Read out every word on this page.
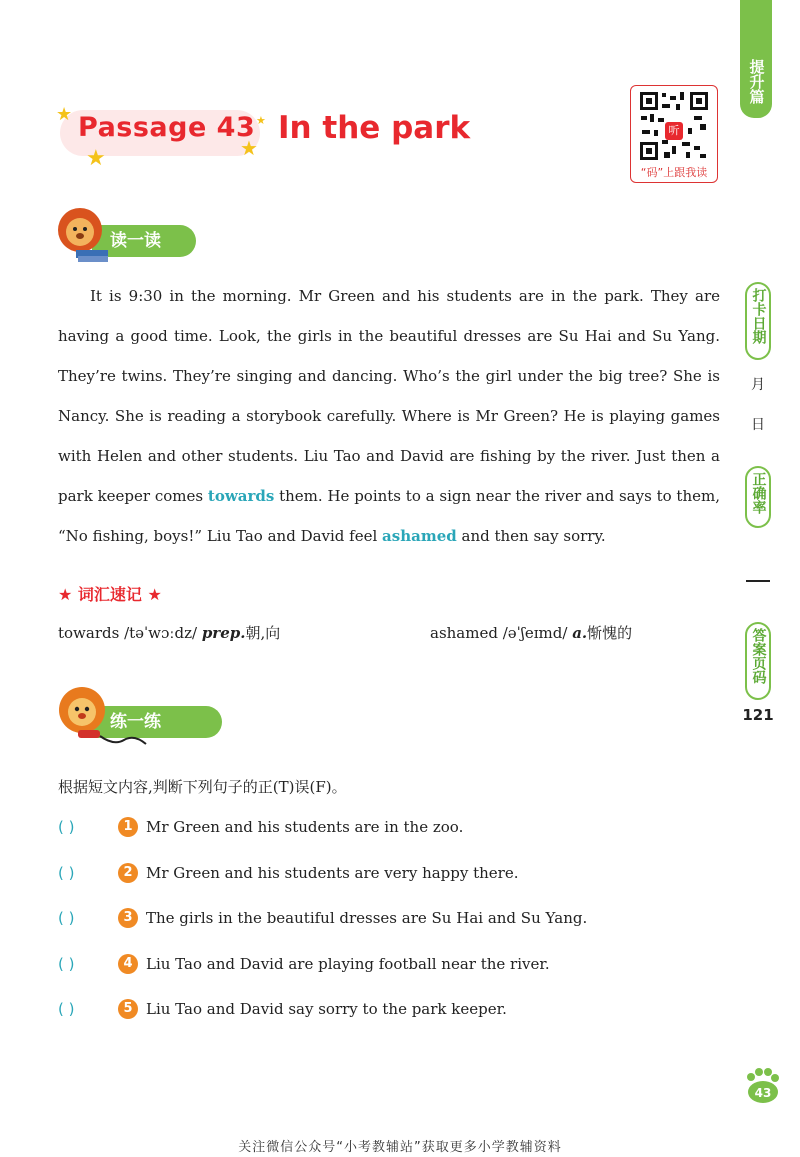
提升篇
打卡日期
月
日
正确率
答案页码
121
★
★	★
★
Passage 43 In the park	听
“码”上跟我读
读一读

It is 9:30 in the morning. Mr Green and his students are in the park. They are having a good time. Look, the girls in the beautiful dresses are Su Hai and Su Yang. They’re twins. They’re singing and dancing. Who’s the girl under the big tree? She is Nancy. She is reading a storybook carefully. Where is Mr Green? He is playing games with Helen and other students. Liu Tao and David are fishing by the river. Just then a park keeper comes towards them. He points to a sign near the river and says to them, “No fishing, boys!” Liu Tao and David feel ashamed and then say sorry.

★ 词汇速记 ★
towards /təˈwɔːdz/ prep.朝,向	ashamed /əˈʃeɪmd/ a.惭愧的
练一练
根据短文内容,判断下列句子的正(T)误(F)。
( )	1 Mr Green and his students are in the zoo.
( )	2 Mr Green and his students are very happy there.
( )	3 The girls in the beautiful dresses are Su Hai and Su Yang.
( )	4 Liu Tao and David are playing football near the river.
( )	5 Liu Tao and David say sorry to the park keeper.
43
关注微信公众号“小考教辅站”获取更多小学教辅资料
